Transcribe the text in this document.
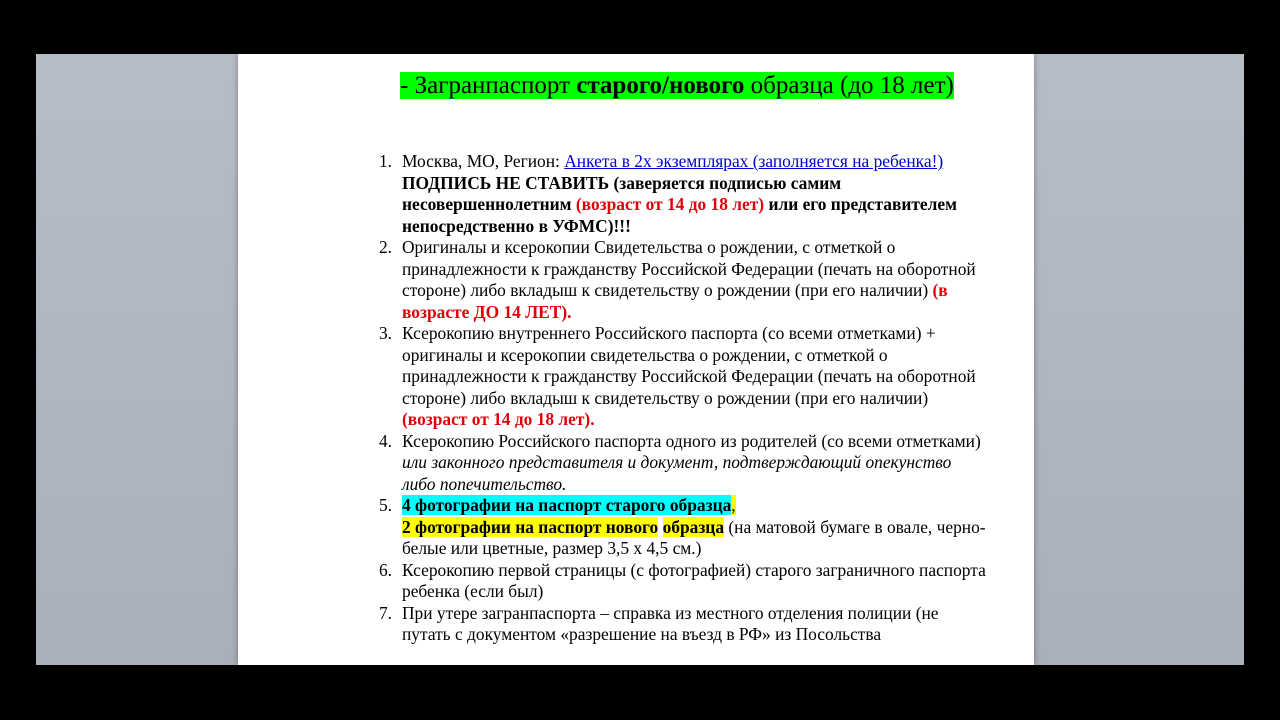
- Загранпаспорт старого/нового образца (до 18 лет)
1. Москва, МО, Регион: Анкета в 2х экземплярах (заполняется на ребенка!)
ПОДПИСЬ НЕ СТАВИТЬ (заверяется подписью самим несовершеннолетним (возраст от 14 до 18 лет) или его представителем непосредственно в УФМС)!!!
2. Оригиналы и ксерокопии Свидетельства о рождении, с отметкой о принадлежности к гражданству Российской Федерации (печать на оборотной стороне) либо вкладыш к свидетельству о рождении (при его наличии) (в возрасте ДО 14 ЛЕТ).
3. Ксерокопию внутреннего Российского паспорта (со всеми отметками) + оригиналы и ксерокопии свидетельства о рождении, с отметкой о принадлежности к гражданству Российской Федерации (печать на оборотной стороне) либо вкладыш к свидетельству о рождении (при его наличии) (возраст от 14 до 18 лет).
4. Ксерокопию Российского паспорта одного из родителей (со всеми отметками) или законного представителя и документ, подтверждающий опекунство либо попечительство.
5. 4 фотографии на паспорт старого образца,
2 фотографии на паспорт нового образца (на матовой бумаге в овале, черно-белые или цветные, размер 3,5 х 4,5 см.)
6. Ксерокопию первой страницы (с фотографией) старого заграничного паспорта ребенка (если был)
7. При утере загранпаспорта – справка из местного отделения полиции (не путать с документом «разрешение на въезд в РФ» из Посольства
